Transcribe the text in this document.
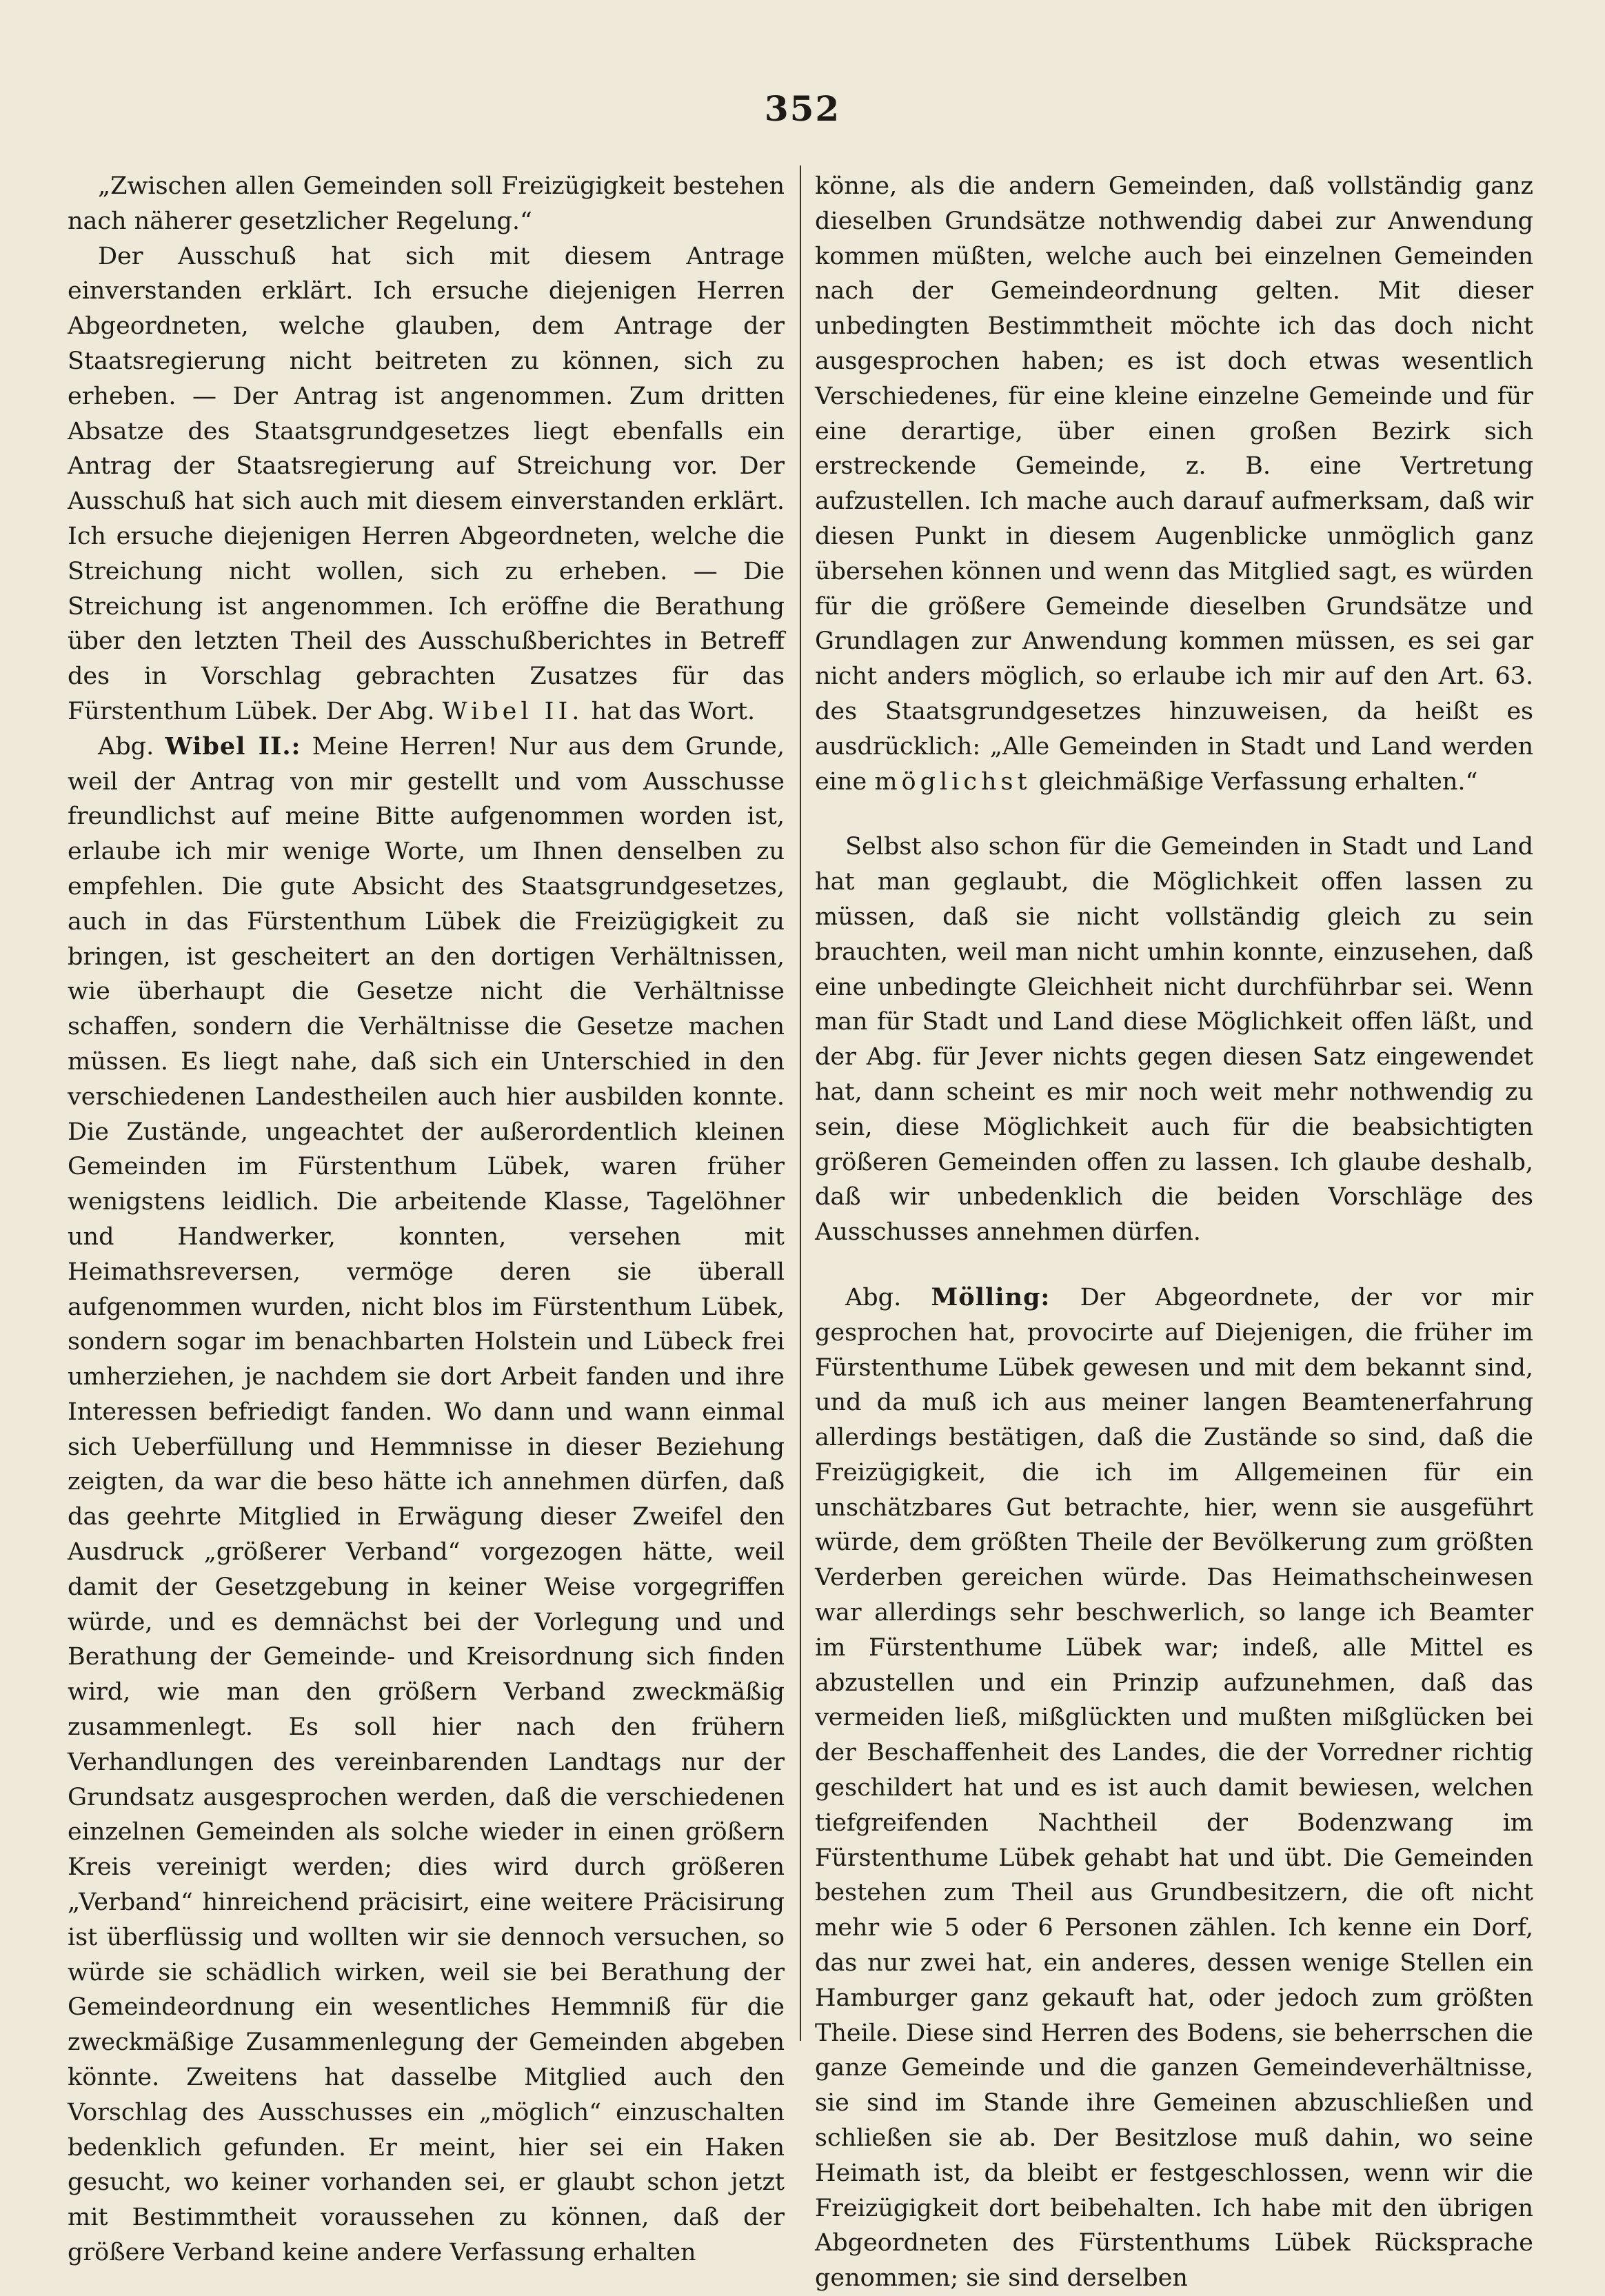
352

„Zwischen allen Gemeinden soll Freizügigkeit bestehen nach näherer gesetzlicher Regelung.“

Der Ausschuß hat sich mit diesem Antrage einverstanden erklärt. Ich ersuche diejenigen Herren Abgeordneten, welche glauben, dem Antrage der Staatsregierung nicht beitreten zu können, sich zu erheben. — Der Antrag ist angenommen. Zum dritten Absatze des Staatsgrundgesetzes liegt ebenfalls ein Antrag der Staatsregierung auf Streichung vor. Der Ausschuß hat sich auch mit diesem einverstanden erklärt. Ich ersuche diejenigen Herren Abgeordneten, welche die Streichung nicht wollen, sich zu erheben. — Die Streichung ist angenommen. Ich eröffne die Berathung über den letzten Theil des Ausschußberichtes in Betreff des in Vorschlag gebrachten Zusatzes für das Fürstenthum Lübek. Der Abg. Wibel II. hat das Wort.

Abg. Wibel II.: Meine Herren! Nur aus dem Grunde, weil der Antrag von mir gestellt und vom Ausschusse freundlichst auf meine Bitte aufgenommen worden ist, erlaube ich mir wenige Worte, um Ihnen denselben zu empfehlen. Die gute Absicht des Staatsgrundgesetzes, auch in das Fürstenthum Lübek die Freizügigkeit zu bringen, ist gescheitert an den dortigen Verhältnissen, wie überhaupt die Gesetze nicht die Verhältnisse schaffen, sondern die Verhältnisse die Gesetze machen müssen. Es liegt nahe, daß sich ein Unterschied in den verschiedenen Landestheilen auch hier ausbilden konnte. Die Zustände, ungeachtet der außerordentlich kleinen Gemeinden im Fürstenthum Lübek, waren früher wenigstens leidlich. Die arbeitende Klasse, Tagelöhner und Handwerker, konnten, versehen mit Heimathsreversen, vermöge deren sie überall aufgenommen wurden, nicht blos im Fürstenthum Lübek, sondern sogar im benachbarten Holstein und Lübeck frei umherziehen, je nachdem sie dort Arbeit fanden und ihre Interessen befriedigt fanden. Wo dann und wann einmal sich Ueberfüllung und Hemmnisse in dieser Beziehung zeigten, da war die beso hätte ich annehmen dürfen, daß das geehrte Mitglied in Erwägung dieser Zweifel den Ausdruck „größerer Verband“ vorgezogen hätte, weil damit der Gesetzgebung in keiner Weise vorgegriffen würde, und es demnächst bei der Vorlegung und und Berathung der Gemeinde- und Kreisordnung sich finden wird, wie man den größern Verband zweckmäßig zusammenlegt. Es soll hier nach den frühern Verhandlungen des vereinbarenden Landtags nur der Grundsatz ausgesprochen werden, daß die verschiedenen einzelnen Gemeinden als solche wieder in einen größern Kreis vereinigt werden; dies wird durch größeren „Verband“ hinreichend präcisirt, eine weitere Präcisirung ist überflüssig und wollten wir sie dennoch versuchen, so würde sie schädlich wirken, weil sie bei Berathung der Gemeindeordnung ein wesentliches Hemmniß für die zweckmäßige Zusammenlegung der Gemeinden abgeben könnte. Zweitens hat dasselbe Mitglied auch den Vorschlag des Ausschusses ein „möglich“ einzuschalten bedenklich gefunden. Er meint, hier sei ein Haken gesucht, wo keiner vorhanden sei, er glaubt schon jetzt mit Bestimmtheit voraussehen zu können, daß der größere Verband keine andere Verfassung erhalten

könne, als die andern Gemeinden, daß vollständig ganz dieselben Grundsätze nothwendig dabei zur Anwendung kommen müßten, welche auch bei einzelnen Gemeinden nach der Gemeindeordnung gelten. Mit dieser unbedingten Bestimmtheit möchte ich das doch nicht ausgesprochen haben; es ist doch etwas wesentlich Verschiedenes, für eine kleine einzelne Gemeinde und für eine derartige, über einen großen Bezirk sich erstreckende Gemeinde, z. B. eine Vertretung aufzustellen. Ich mache auch darauf aufmerksam, daß wir diesen Punkt in diesem Augenblicke unmöglich ganz übersehen können und wenn das Mitglied sagt, es würden für die größere Gemeinde dieselben Grundsätze und Grundlagen zur Anwendung kommen müssen, es sei gar nicht anders möglich, so erlaube ich mir auf den Art. 63. des Staatsgrundgesetzes hinzuweisen, da heißt es ausdrücklich: „Alle Gemeinden in Stadt und Land werden eine möglichst gleichmäßige Verfassung erhalten.“

Selbst also schon für die Gemeinden in Stadt und Land hat man geglaubt, die Möglichkeit offen lassen zu müssen, daß sie nicht vollständig gleich zu sein brauchten, weil man nicht umhin konnte, einzusehen, daß eine unbedingte Gleichheit nicht durchführbar sei. Wenn man für Stadt und Land diese Möglichkeit offen läßt, und der Abg. für Jever nichts gegen diesen Satz eingewendet hat, dann scheint es mir noch weit mehr nothwendig zu sein, diese Möglichkeit auch für die beabsichtigten größeren Gemeinden offen zu lassen. Ich glaube deshalb, daß wir unbedenklich die beiden Vorschläge des Ausschusses annehmen dürfen.

Abg. Mölling: Der Abgeordnete, der vor mir gesprochen hat, provocirte auf Diejenigen, die früher im Fürstenthume Lübek gewesen und mit dem bekannt sind, und da muß ich aus meiner langen Beamtenerfahrung allerdings bestätigen, daß die Zustände so sind, daß die Freizügigkeit, die ich im Allgemeinen für ein unschätzbares Gut betrachte, hier, wenn sie ausgeführt würde, dem größten Theile der Bevölkerung zum größten Verderben gereichen würde. Das Heimathscheinwesen war allerdings sehr beschwerlich, so lange ich Beamter im Fürstenthume Lübek war; indeß, alle Mittel es abzustellen und ein Prinzip aufzunehmen, daß das vermeiden ließ, mißglückten und mußten mißglücken bei der Beschaffenheit des Landes, die der Vorredner richtig geschildert hat und es ist auch damit bewiesen, welchen tiefgreifenden Nachtheil der Bodenzwang im Fürstenthume Lübek gehabt hat und übt. Die Gemeinden bestehen zum Theil aus Grundbesitzern, die oft nicht mehr wie 5 oder 6 Personen zählen. Ich kenne ein Dorf, das nur zwei hat, ein anderes, dessen wenige Stellen ein Hamburger ganz gekauft hat, oder jedoch zum größten Theile. Diese sind Herren des Bodens, sie beherrschen die ganze Gemeinde und die ganzen Gemeindeverhältnisse, sie sind im Stande ihre Gemeinen abzuschließen und schließen sie ab. Der Besitzlose muß dahin, wo seine Heimath ist, da bleibt er festgeschlossen, wenn wir die Freizügigkeit dort beibehalten. Ich habe mit den übrigen Abgeordneten des Fürstenthums Lübek Rücksprache genommen; sie sind derselben
